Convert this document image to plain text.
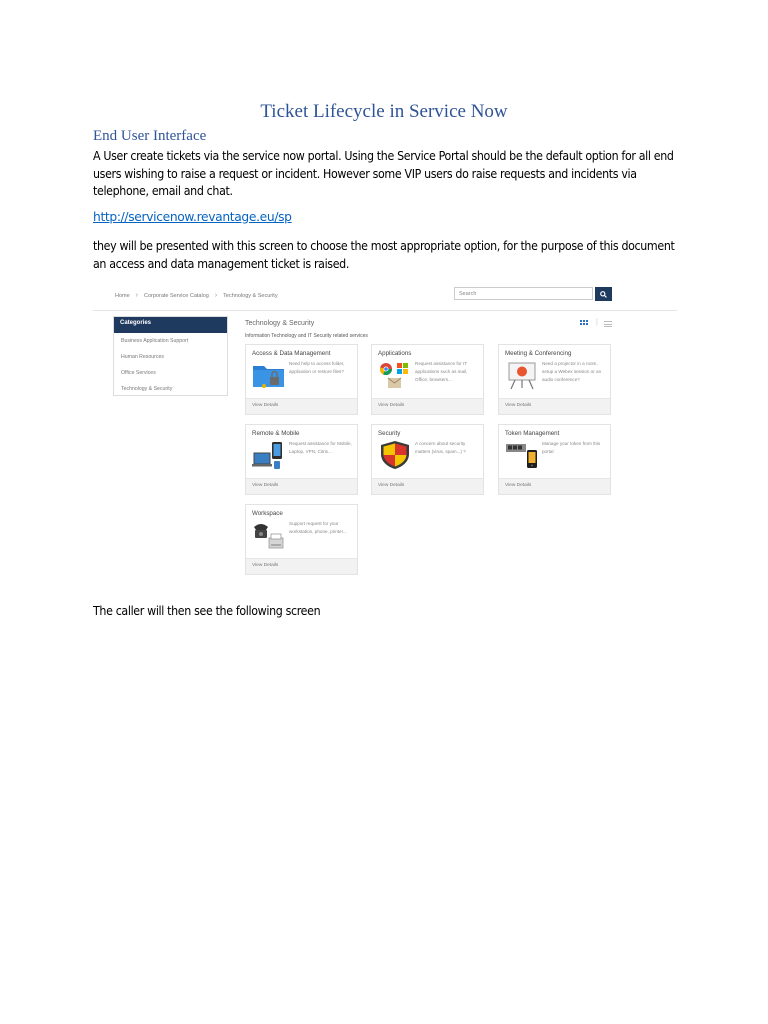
Ticket Lifecycle in Service Now
End User Interface

A User create tickets via the service now portal. Using the Service Portal should be the default option for all end users wishing to raise a request or incident. However some VIP users do raise requests and incidents via telephone, email and chat.

http://servicenow.revantage.eu/sp

they will be presented with this screen to choose the most appropriate option, for the purpose of this document an access and data management ticket is raised.

Home › Corporate Service Catalog › Technology & Security	Search
Categories
Business Application Support
Human Resources
Office Services
Technology & Security
Technology & Security
Information Technology and IT Security related services
|
Access & Data Management
Need help to access folder, application or restore files?
View Details
Applications
Request assistance for IT applications such as mail, Office, browsers...
View Details
Meeting & Conferencing
Need a projector in a room, setup a Webex session or an audio conference?
View Details
Remote & Mobile
Request assistance for Mobile, Laptop, VPN, Citrix...
View Details
Security
A concern about security matters (virus, spam...) ?
View Details
Token Management
Manage your token from this portal
View Details
Workspace
Support request for your workstation, phone, printer...
View Details

The caller will then see the following screen
